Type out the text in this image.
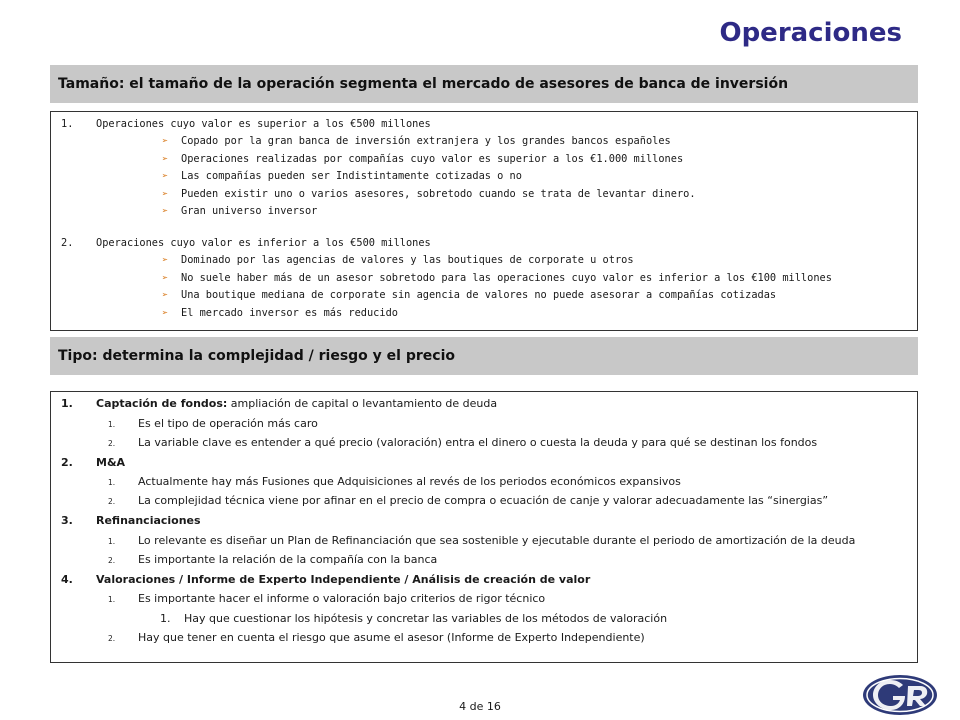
Operaciones
Tamaño: el tamaño de la operación segmenta el mercado de asesores de banca de inversión
1. Operaciones cuyo valor es superior a los €500 millones
➢ Copado por la gran banca de inversión extranjera y los grandes bancos españoles
➢ Operaciones realizadas por compañías cuyo valor es superior a los €1.000 millones
➢ Las compañías pueden ser Indistintamente cotizadas o no
➢ Pueden existir uno o varios asesores, sobretodo cuando se trata de levantar dinero.
➢ Gran universo inversor
2. Operaciones cuyo valor es inferior a los €500 millones
➢ Dominado por las agencias de valores y las boutiques de corporate u otros
➢ No suele haber más de un asesor sobretodo para las operaciones cuyo valor es inferior a los €100 millones
➢ Una boutique mediana de corporate sin agencia de valores no puede asesorar a compañías cotizadas
➢ El mercado inversor es más reducido
Tipo: determina la complejidad / riesgo y el precio
1. Captación de fondos: ampliación de capital o levantamiento de deuda
1. Es el tipo de operación más caro
2. La variable clave es entender a qué precio (valoración) entra el dinero o cuesta la deuda y para qué se destinan los fondos
2. M&A
1. Actualmente hay más Fusiones que Adquisiciones al revés de los periodos económicos expansivos
2. La complejidad técnica viene por afinar en el precio de compra o ecuación de canje y valorar adecuadamente las “sinergias”
3. Refinanciaciones
1. Lo relevante es diseñar un Plan de Refinanciación que sea sostenible y ejecutable durante el periodo de amortización de la deuda
2. Es importante la relación de la compañía con la banca
4. Valoraciones / Informe de Experto Independiente / Análisis de creación de valor
1. Es importante hacer el informe o valoración bajo criterios de rigor técnico
1. Hay que cuestionar los hipótesis y concretar las variables de los métodos de valoración
2. Hay que tener en cuenta el riesgo que asume el asesor (Informe de Experto Independiente)
4 de 16
